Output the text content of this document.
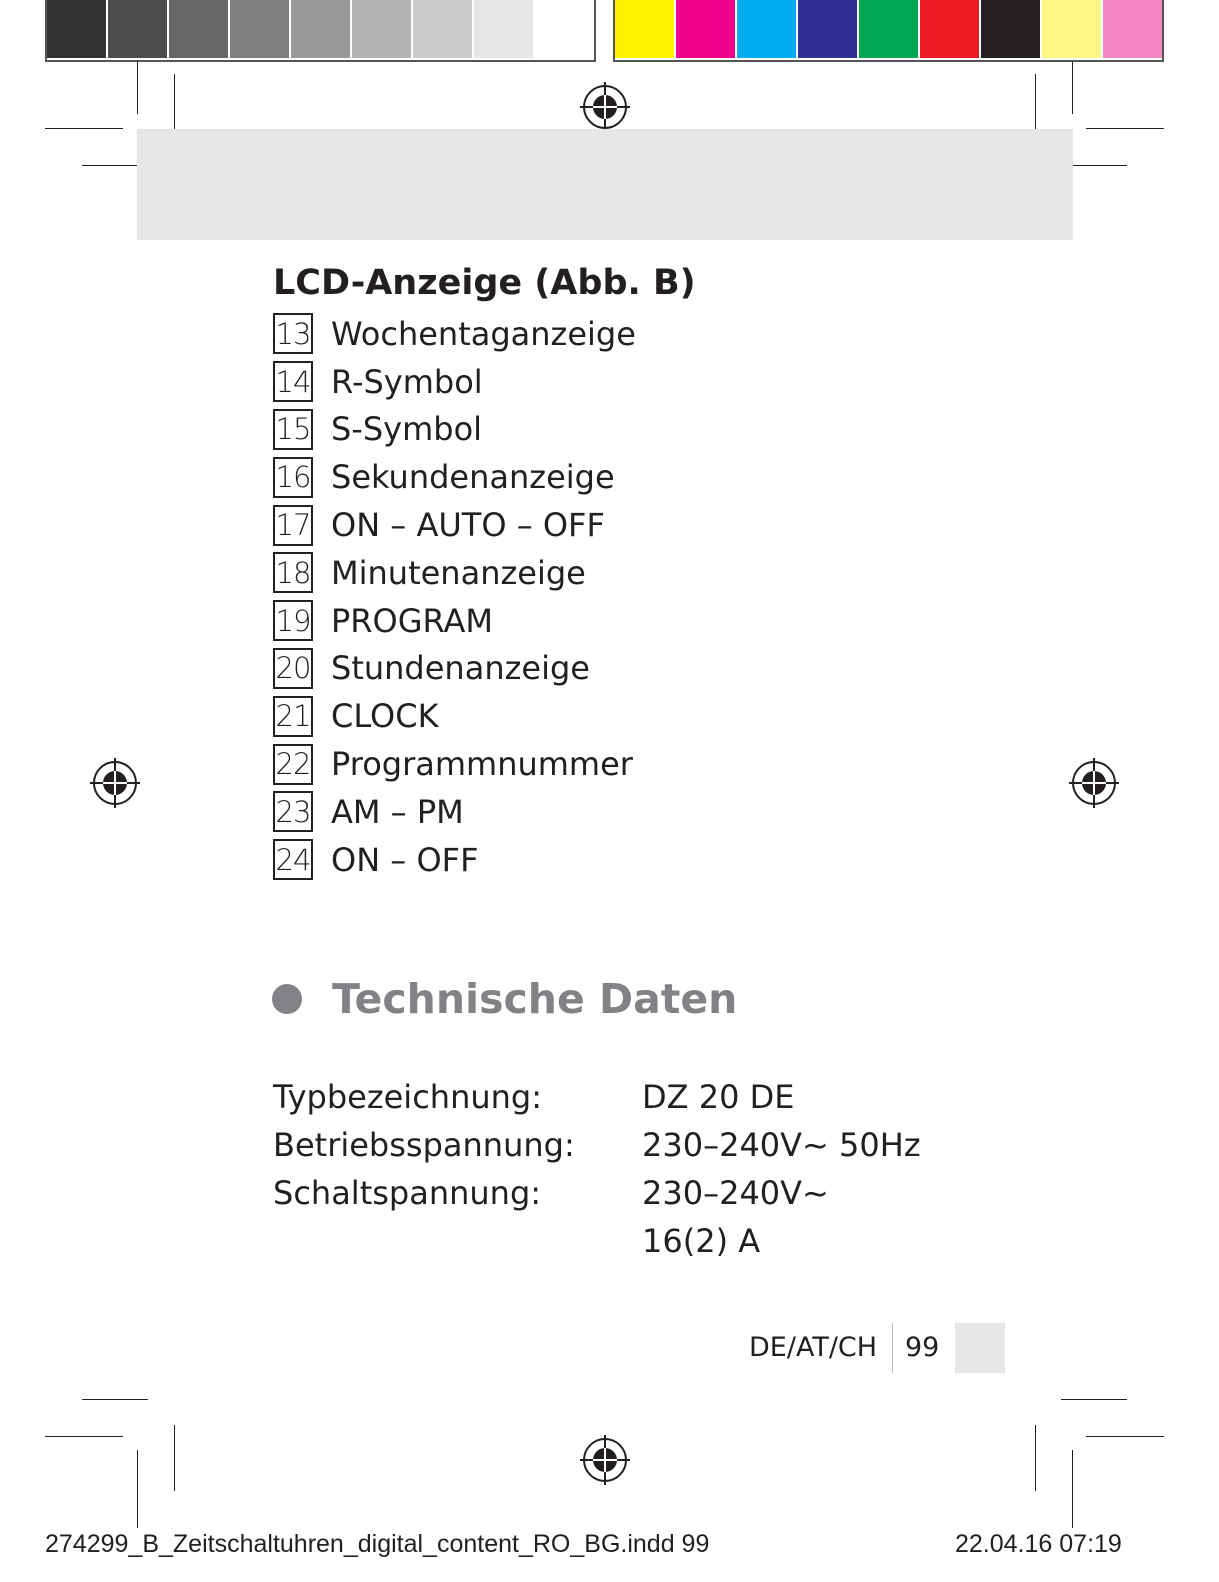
LCD-Anzeige (Abb. B)
13 Wochentaganzeige
14 R-Symbol
15 S-Symbol
16 Sekundenanzeige
17 ON – AUTO – OFF
18 Minutenanzeige
19 PROGRAM
20 Stundenanzeige
21 CLOCK
22 Programmnummer
23 AM – PM
24 ON – OFF
Technische Daten
Typbezeichnung:	DZ 20 DE
Betriebsspannung: 230–240V~ 50Hz
Schaltspannung:	230–240V~
16(2) A
DE/AT/CH 99
274299_B_Zeitschaltuhren_digital_content_RO_BG.indd 99	22.04.16 07:19
